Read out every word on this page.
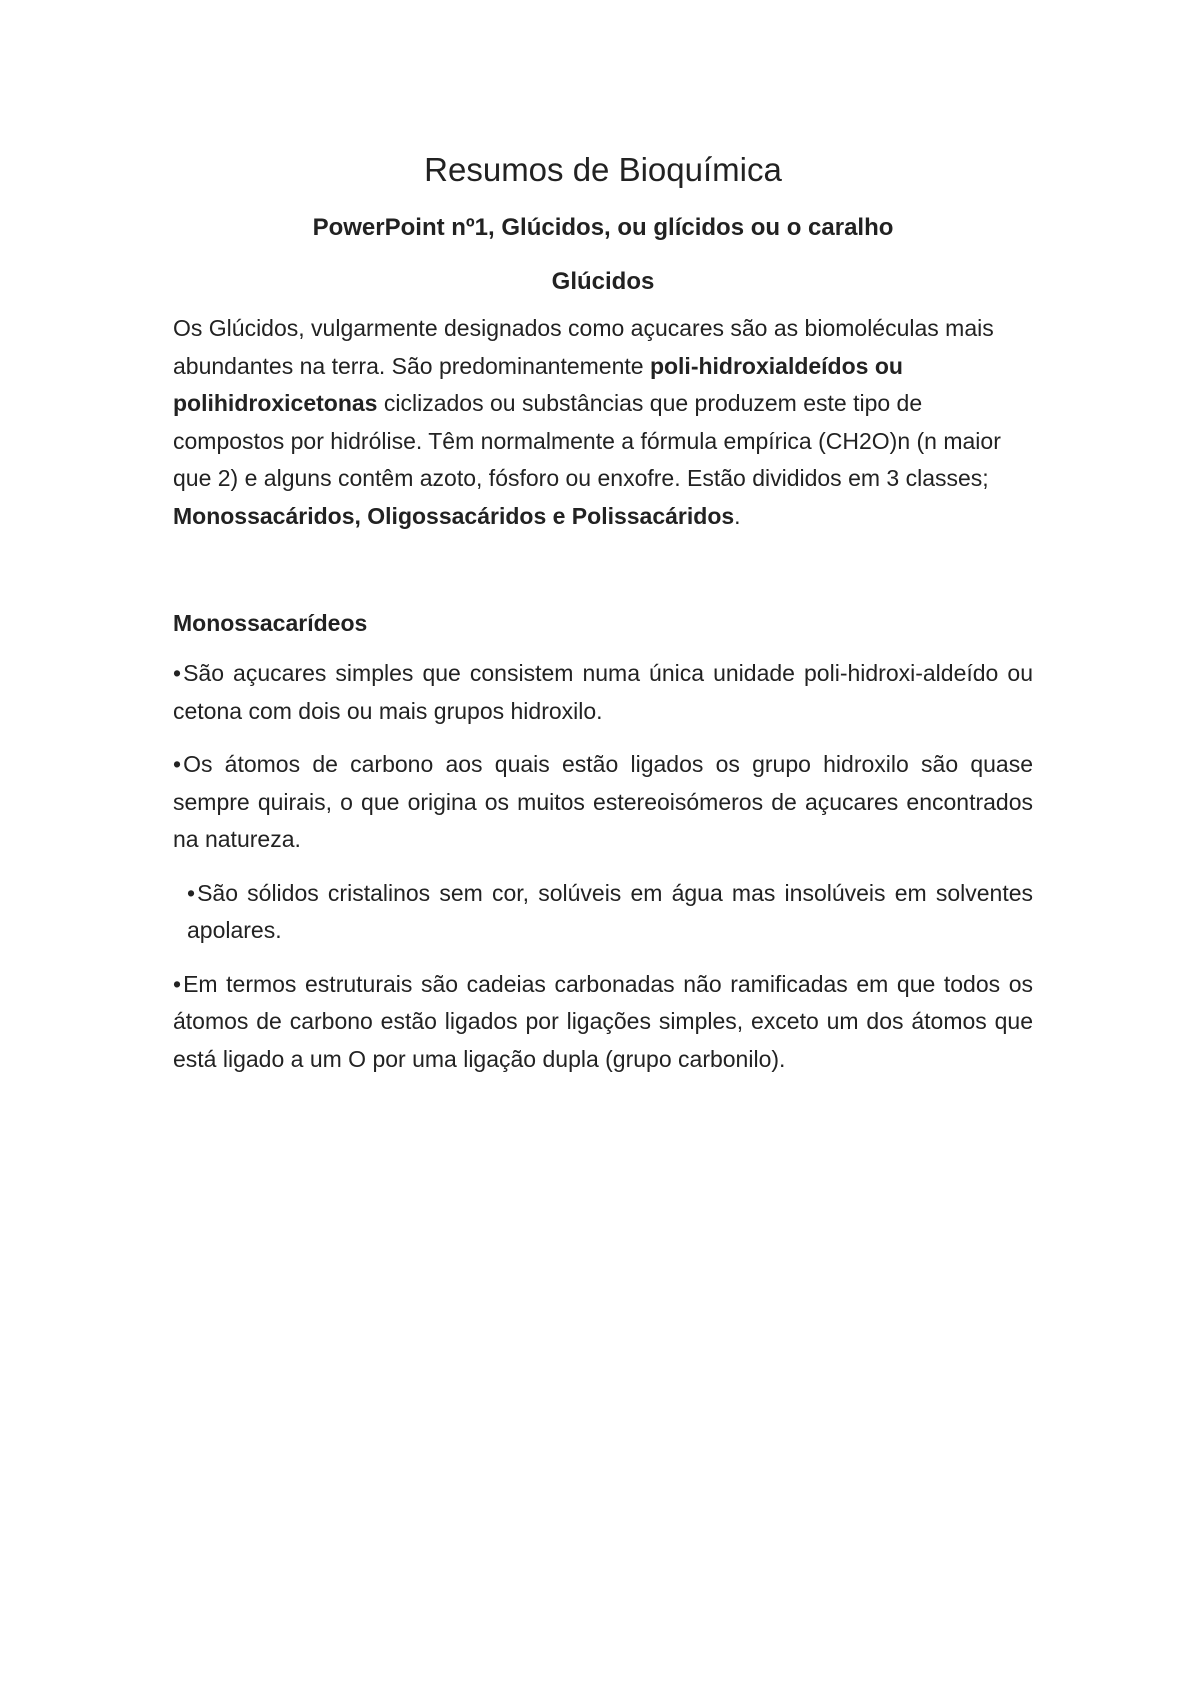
Resumos de Bioquímica
PowerPoint nº1, Glúcidos, ou glícidos ou o caralho
Glúcidos

Os Glúcidos, vulgarmente designados como açucares são as biomoléculas mais abundantes na terra. São predominantemente poli-hidroxialdeídos ou polihidroxicetonas ciclizados ou substâncias que produzem este tipo de compostos por hidrólise. Têm normalmente a fórmula empírica (CH2O)n (n maior que 2) e alguns contêm azoto, fósforo ou enxofre. Estão divididos em 3 classes; Monossacáridos, Oligossacáridos e Polissacáridos.

Monossacarídeos

•São açucares simples que consistem numa única unidade poli-hidroxi-aldeído ou cetona com dois ou mais grupos hidroxilo.

•Os átomos de carbono aos quais estão ligados os grupo hidroxilo são quase sempre quirais, o que origina os muitos estereoisómeros de açucares encontrados na natureza.

•São sólidos cristalinos sem cor, solúveis em água mas insolúveis em solventes apolares.

•Em termos estruturais são cadeias carbonadas não ramificadas em que todos os átomos de carbono estão ligados por ligações simples, exceto um dos átomos que está ligado a um O por uma ligação dupla (grupo carbonilo).
